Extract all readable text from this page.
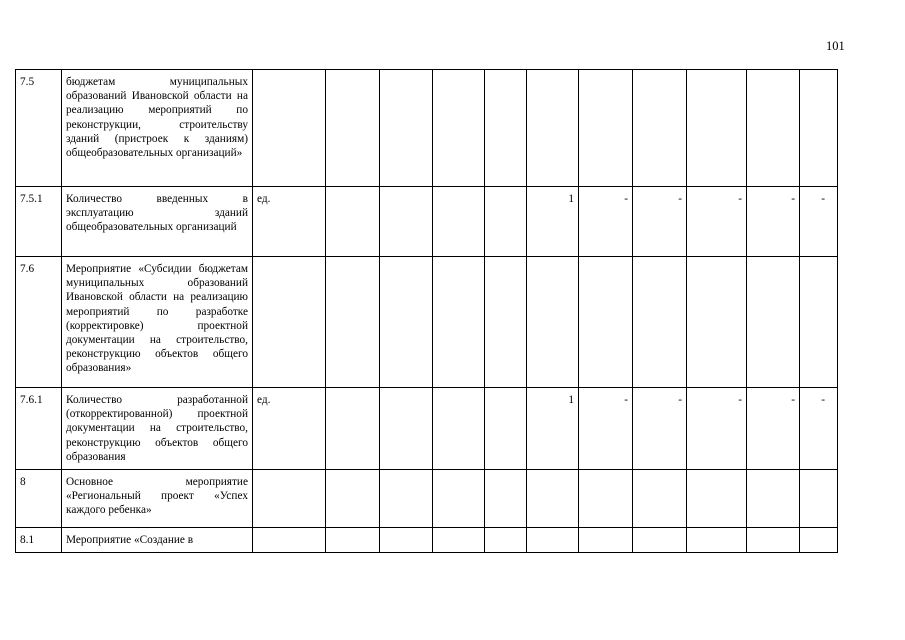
101
7.5	бюджетам муниципальных образований Ивановской области на реализацию мероприятий по реконструкции, строительству зданий (пристроек к зданиям) общеобразовательных организаций»											
7.5.1	Количество введенных в эксплуатацию зданий общеобразовательных организаций	ед.					1	-	-	-	-	-
7.6	Мероприятие «Субсидии бюджетам муниципальных образований Ивановской области на реализацию мероприятий по разработке (корректировке) проектной документации на строительство, реконструкцию объектов общего образования»											
7.6.1	Количество разработанной (откорректированной) проектной документации на строительство, реконструкцию объектов общего образования	ед.					1	-	-	-	-	-
8	Основное мероприятие «Региональный проект «Успех каждого ребенка»											
8.1	Мероприятие «Создание в											
